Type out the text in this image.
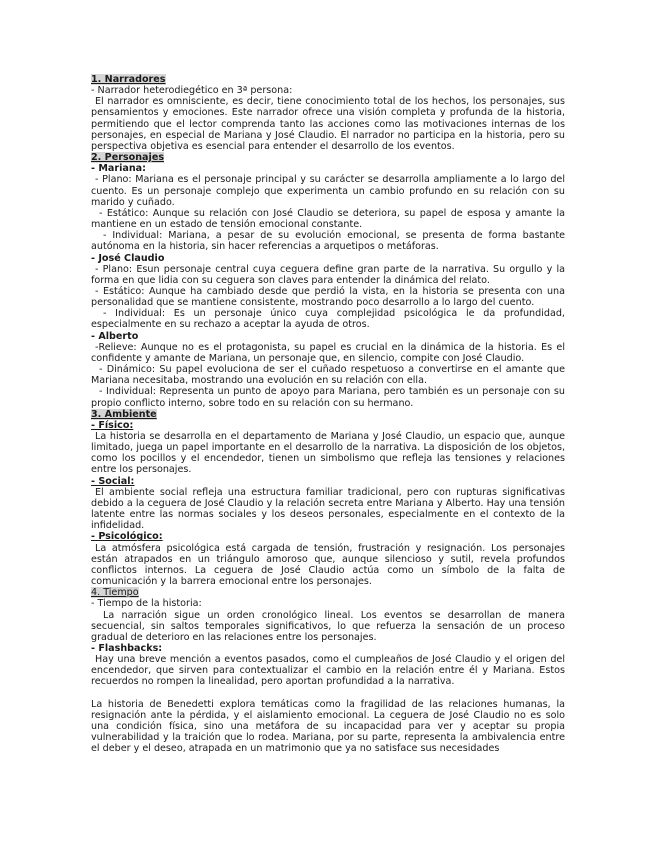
1. Narradores

- Narrador heterodiegético en 3ª persona:

El narrador es omnisciente, es decir, tiene conocimiento total de los hechos, los personajes, sus pensamientos y emociones. Este narrador ofrece una visión completa y profunda de la historia, permitiendo que el lector comprenda tanto las acciones como las motivaciones internas de los personajes, en especial de Mariana y José Claudio. El narrador no participa en la historia, pero su perspectiva objetiva es esencial para entender el desarrollo de los eventos.

2. Personajes

- Mariana:

- Plano: Mariana es el personaje principal y su carácter se desarrolla ampliamente a lo largo del cuento. Es un personaje complejo que experimenta un cambio profundo en su relación con su marido y cuñado.

- Estático: Aunque su relación con José Claudio se deteriora, su papel de esposa y amante la mantiene en un estado de tensión emocional constante.

- Individual: Mariana, a pesar de su evolución emocional, se presenta de forma bastante autónoma en la historia, sin hacer referencias a arquetipos o metáforas.

- José Claudio

- Plano: Esun personaje central cuya ceguera define gran parte de la narrativa. Su orgullo y la forma en que lidia con su ceguera son claves para entender la dinámica del relato.

- Estático: Aunque ha cambiado desde que perdió la vista, en la historia se presenta con una personalidad que se mantiene consistente, mostrando poco desarrollo a lo largo del cuento.

- Individual: Es un personaje único cuya complejidad psicológica le da profundidad, especialmente en su rechazo a aceptar la ayuda de otros.

- Alberto

-Relieve: Aunque no es el protagonista, su papel es crucial en la dinámica de la historia. Es el confidente y amante de Mariana, un personaje que, en silencio, compite con José Claudio.

- Dinámico: Su papel evoluciona de ser el cuñado respetuoso a convertirse en el amante que Mariana necesitaba, mostrando una evolución en su relación con ella.

- Individual: Representa un punto de apoyo para Mariana, pero también es un personaje con su propio conflicto interno, sobre todo en su relación con su hermano.

3. Ambiente

- Físico:

La historia se desarrolla en el departamento de Mariana y José Claudio, un espacio que, aunque limitado, juega un papel importante en el desarrollo de la narrativa. La disposición de los objetos, como los pocillos y el encendedor, tienen un simbolismo que refleja las tensiones y relaciones entre los personajes.

- Social:

El ambiente social refleja una estructura familiar tradicional, pero con rupturas significativas debido a la ceguera de José Claudio y la relación secreta entre Mariana y Alberto. Hay una tensión latente entre las normas sociales y los deseos personales, especialmente en el contexto de la infidelidad.

- Psicológico:

La atmósfera psicológica está cargada de tensión, frustración y resignación. Los personajes están atrapados en un triángulo amoroso que, aunque silencioso y sutil, revela profundos conflictos internos. La ceguera de José Claudio actúa como un símbolo de la falta de comunicación y la barrera emocional entre los personajes.

4. Tiempo

- Tiempo de la historia:

La narración sigue un orden cronológico lineal. Los eventos se desarrollan de manera secuencial, sin saltos temporales significativos, lo que refuerza la sensación de un proceso gradual de deterioro en las relaciones entre los personajes.

- Flashbacks:

Hay una breve mención a eventos pasados, como el cumpleaños de José Claudio y el origen del encendedor, que sirven para contextualizar el cambio en la relación entre él y Mariana. Estos recuerdos no rompen la linealidad, pero aportan profundidad a la narrativa.

La historia de Benedetti explora temáticas como la fragilidad de las relaciones humanas, la resignación ante la pérdida, y el aislamiento emocional. La ceguera de José Claudio no es solo una condición física, sino una metáfora de su incapacidad para ver y aceptar su propia vulnerabilidad y la traición que lo rodea. Mariana, por su parte, representa la ambivalencia entre el deber y el deseo, atrapada en un matrimonio que ya no satisface sus necesidades
